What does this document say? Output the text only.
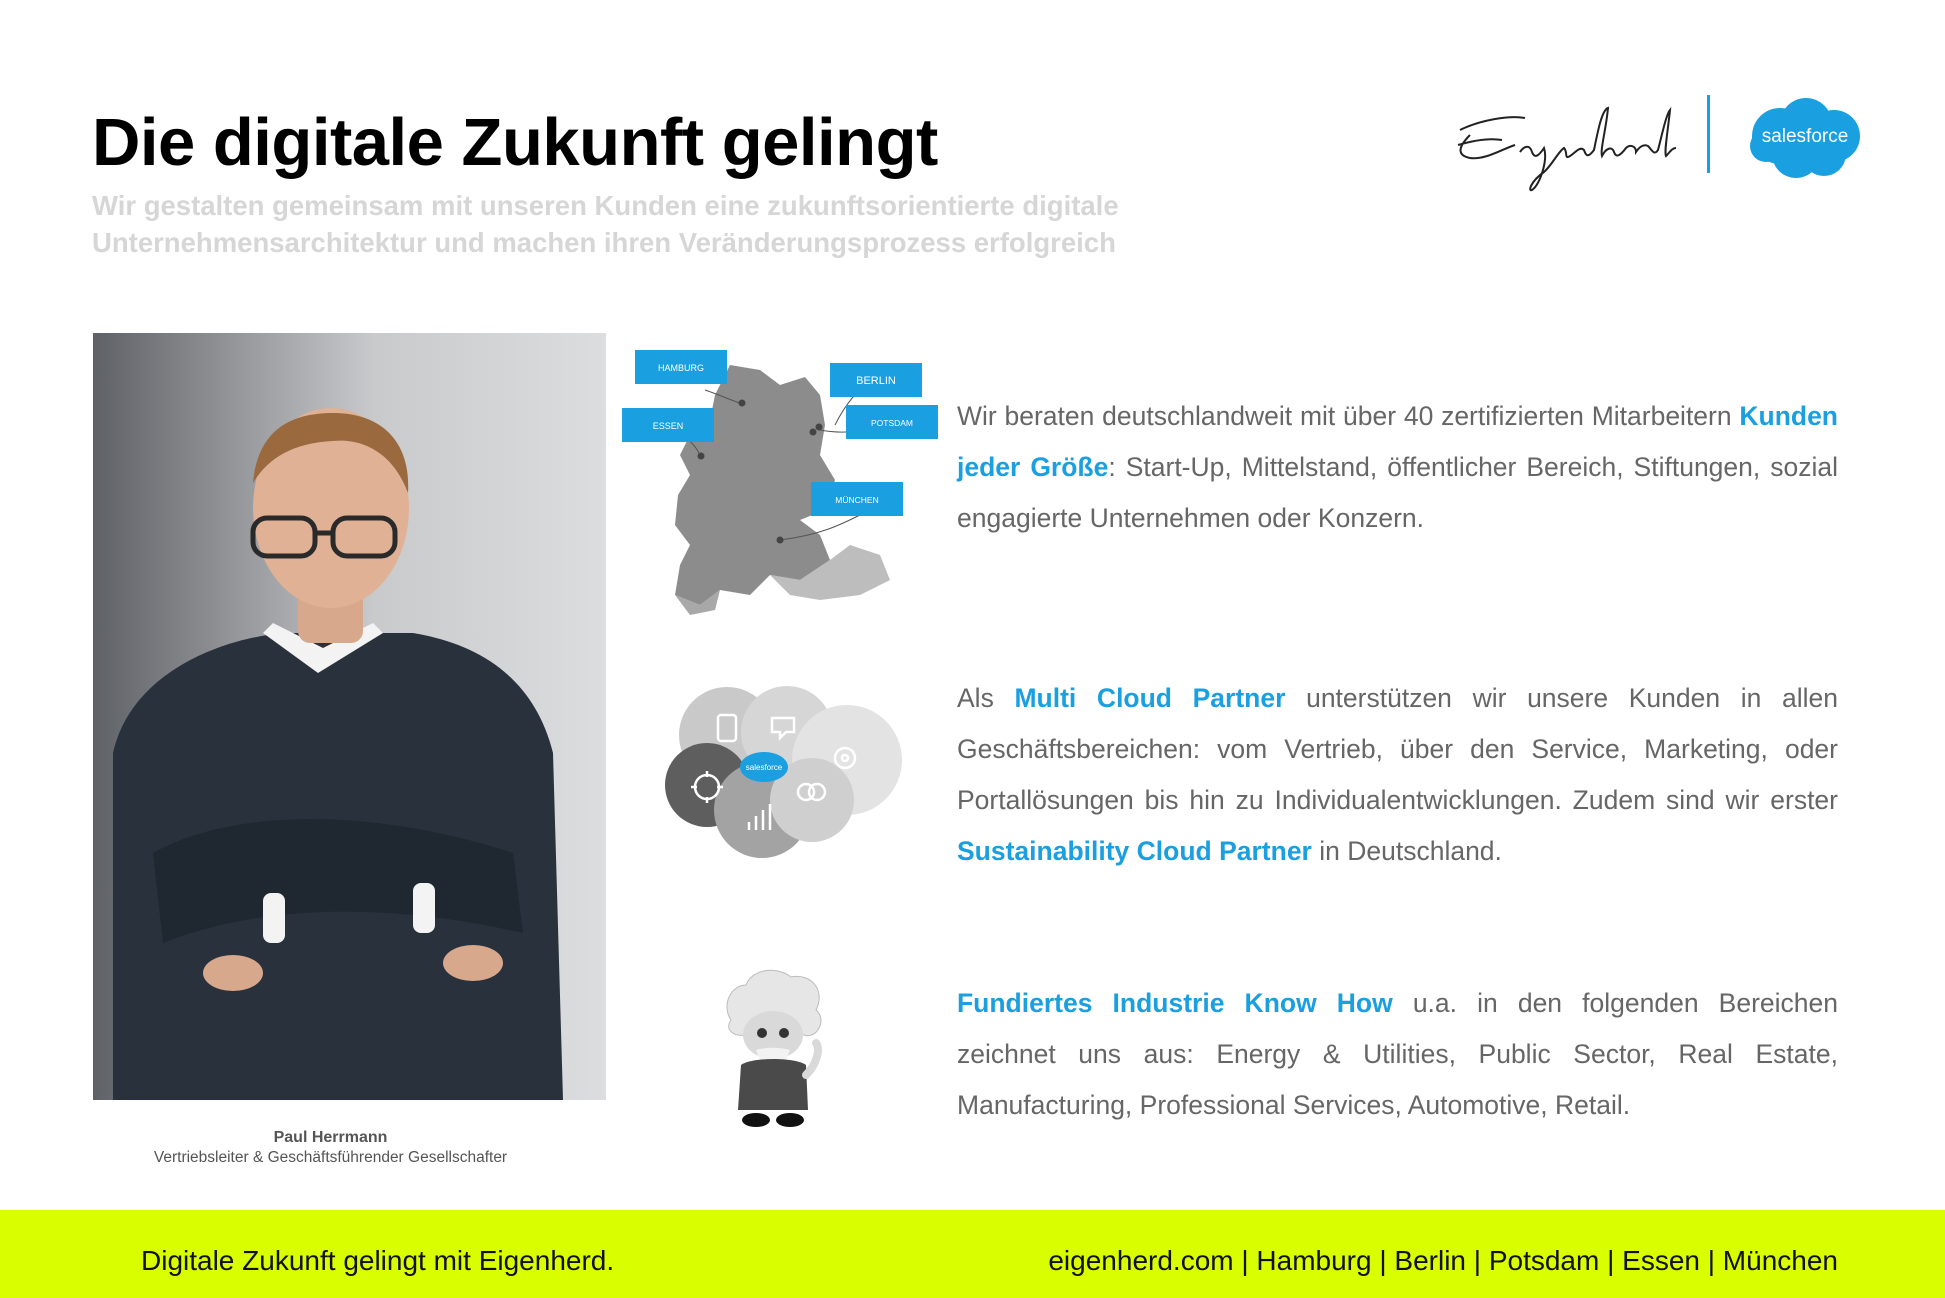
Die digitale Zukunft gelingt
Wir gestalten gemeinsam mit unseren Kunden eine zukunftsorientierte digitale
Unternehmensarchitektur und machen ihren Veränderungsprozess erfolgreich
salesforce
Paul Herrmann
Vertriebsleiter & Geschäftsführender Gesellschafter
HAMBURG
BERLIN
ESSEN	POTSDAM
MÜNCHEN
salesforce
Wir beraten deutschlandweit mit über 40 zertifizierten Mitarbeitern Kunden jeder Größe: Start-Up, Mittelstand, öffentlicher Bereich, Stiftungen, sozial engagierte Unternehmen oder Konzern.
Als Multi Cloud Partner unterstützen wir unsere Kunden in allen Geschäftsbereichen: vom Vertrieb, über den Service, Marketing, oder Portallösungen bis hin zu Individualentwicklungen. Zudem sind wir erster Sustainability Cloud Partner in Deutschland.
Fundiertes Industrie Know How u.a. in den folgenden Bereichen zeichnet uns aus: Energy & Utilities, Public Sector, Real Estate, Manufacturing, Professional Services, Automotive, Retail.
Digitale Zukunft gelingt mit Eigenherd.	eigenherd.com | Hamburg | Berlin | Potsdam | Essen | München
